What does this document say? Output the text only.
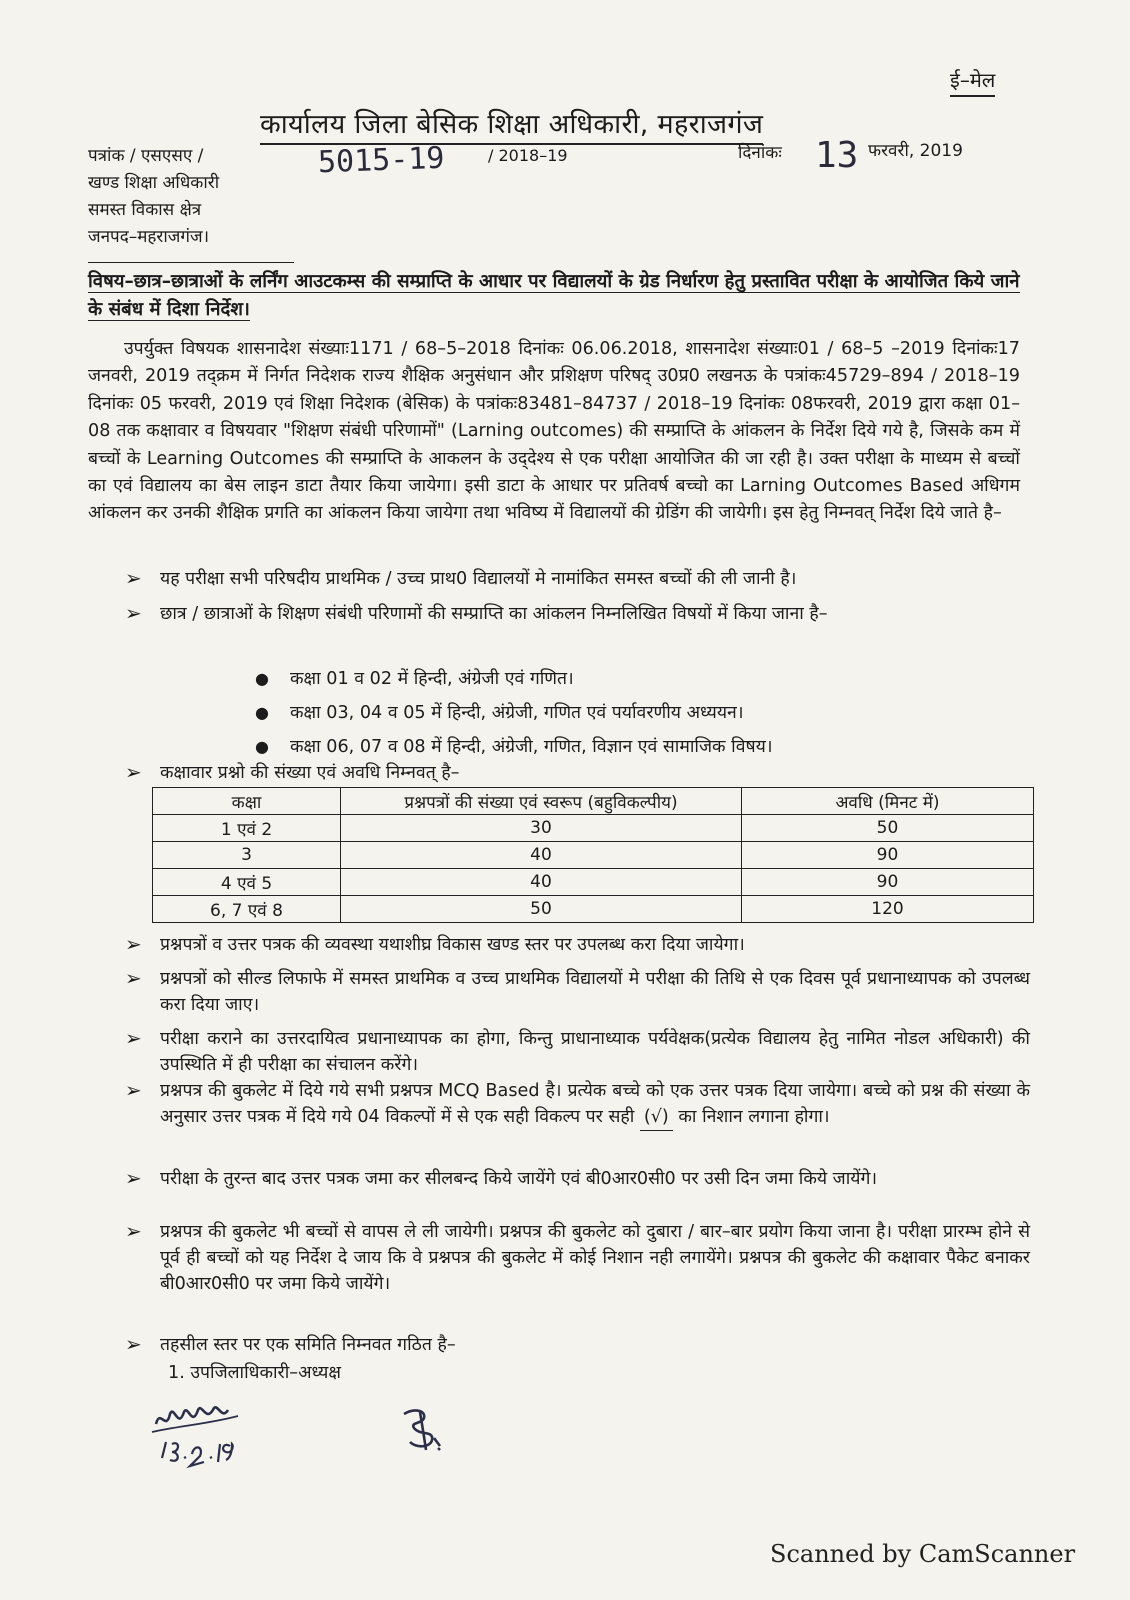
ई–मेल
कार्यालय जिला बेसिक शिक्षा अधिकारी, महराजगंज
पत्रांक / एसएसए /
खण्ड शिक्षा अधिकारी
समस्त विकास क्षेत्र
जनपद–महराजगंज।
5015-19	/ 2018–19	दिनांकः 13 फरवरी, 2019
विषय–छात्र–छात्राओं के लर्निंग आउटकम्स की सम्प्राप्ति के आधार पर विद्यालयों के ग्रेड निर्धारण हेतु प्रस्तावित परीक्षा के आयोजित किये जाने के संबंध में दिशा निर्देश।
उपर्युक्त विषयक शासनादेश संख्याः1171 / 68–5–2018 दिनांकः 06.06.2018, शासनादेश संख्याः01 / 68–5 –2019 दिनांकः17 जनवरी, 2019 तद्‌क्रम में निर्गत निदेशक राज्य शैक्षिक अनुसंधान और प्रशिक्षण परिषद् उ0प्र0 लखनऊ के पत्रांकः45729–894 / 2018–19 दिनांकः 05 फरवरी, 2019 एवं शिक्षा निदेशक (बेसिक) के पत्रांकः83481–84737 / 2018–19 दिनांकः 08फरवरी, 2019 द्वारा कक्षा 01–08 तक कक्षावार व विषयवार "शिक्षण संबंधी परिणामों" (Larning outcomes) की सम्प्राप्ति के आंकलन के निर्देश दिये गये है, जिसके कम में बच्चों के Learning Outcomes की सम्प्राप्ति के आकलन के उद्‌देश्य से एक परीक्षा आयोजित की जा रही है। उक्त परीक्षा के माध्यम से बच्चों का एवं विद्यालय का बेस लाइन डाटा तैयार किया जायेगा। इसी डाटा के आधार पर प्रतिवर्ष बच्चो का Larning Outcomes Based अधिगम आंकलन कर उनकी शैक्षिक प्रगति का आंकलन किया जायेगा तथा भविष्य में विद्यालयों की ग्रेडिंग की जायेगी। इस हेतु निम्नवत् निर्देश दिये जाते है–
➢ यह परीक्षा सभी परिषदीय प्राथमिक / उच्च प्राथ0 विद्यालयों मे नामांकित समस्त बच्चों की ली जानी है।
➢ छात्र / छात्राओं के शिक्षण संबंधी परिणामों की सम्प्राप्ति का आंकलन निम्नलिखित विषयों में किया जाना है–
● कक्षा 01 व 02 में हिन्दी, अंग्रेजी एवं गणित।
● कक्षा 03, 04 व 05 में हिन्दी, अंग्रेजी, गणित एवं पर्यावरणीय अध्ययन।
● कक्षा 06, 07 व 08 में हिन्दी, अंग्रेजी, गणित, विज्ञान एवं सामाजिक विषय।
➢ कक्षावार प्रश्नो की संख्या एवं अवधि निम्नवत् है–
कक्षा	प्रश्नपत्रों की संख्या एवं स्वरूप (बहुविकल्पीय)	अवधि (मिनट में)
1 एवं 2	30	50
3	40	90
4 एवं 5	40	90
6, 7 एवं 8	50	120
➢ प्रश्नपत्रों व उत्तर पत्रक की व्यवस्था यथाशीघ्र विकास खण्ड स्तर पर उपलब्ध करा दिया जायेगा।
➢ प्रश्नपत्रों को सील्ड लिफाफे में समस्त प्राथमिक व उच्च प्राथमिक विद्यालयों मे परीक्षा की तिथि से एक दिवस पूर्व प्रधानाध्यापक को उपलब्ध करा दिया जाए।
➢ परीक्षा कराने का उत्तरदायित्व प्रधानाध्यापक का होगा, किन्तु प्राधानाध्याक पर्यवेक्षक(प्रत्येक विद्यालय हेतु नामित नोडल अधिकारी) की उपस्थिति में ही परीक्षा का संचालन करेंगे।
➢ प्रश्नपत्र की बुकलेट में दिये गये सभी प्रश्नपत्र MCQ Based है। प्रत्येक बच्चे को एक उत्तर पत्रक दिया जायेगा। बच्चे को प्रश्न की संख्या के अनुसार उत्तर पत्रक में दिये गये 04 विकल्पों में से एक सही विकल्प पर सही (√) का निशान लगाना होगा।
➢ परीक्षा के तुरन्त बाद उत्तर पत्रक जमा कर सीलबन्द किये जायेंगे एवं बी0आर0सी0 पर उसी दिन जमा किये जायेंगे।
➢ प्रश्नपत्र की बुकलेट भी बच्चों से वापस ले ली जायेगी। प्रश्नपत्र की बुकलेट को दुबारा / बार–बार प्रयोग किया जाना है। परीक्षा प्रारम्भ होने से पूर्व ही बच्चों को यह निर्देश दे जाय कि वे प्रश्नपत्र की बुकलेट में कोई निशान नही लगायेंगे। प्रश्नपत्र की बुकलेट की कक्षावार पैकेट बनाकर बी0आर0सी0 पर जमा किये जायेंगे।
➢ तहसील स्तर पर एक समिति निम्नवत गठित है–
1. उपजिलाधिकारी–अध्यक्ष
Scanned by CamScanner
